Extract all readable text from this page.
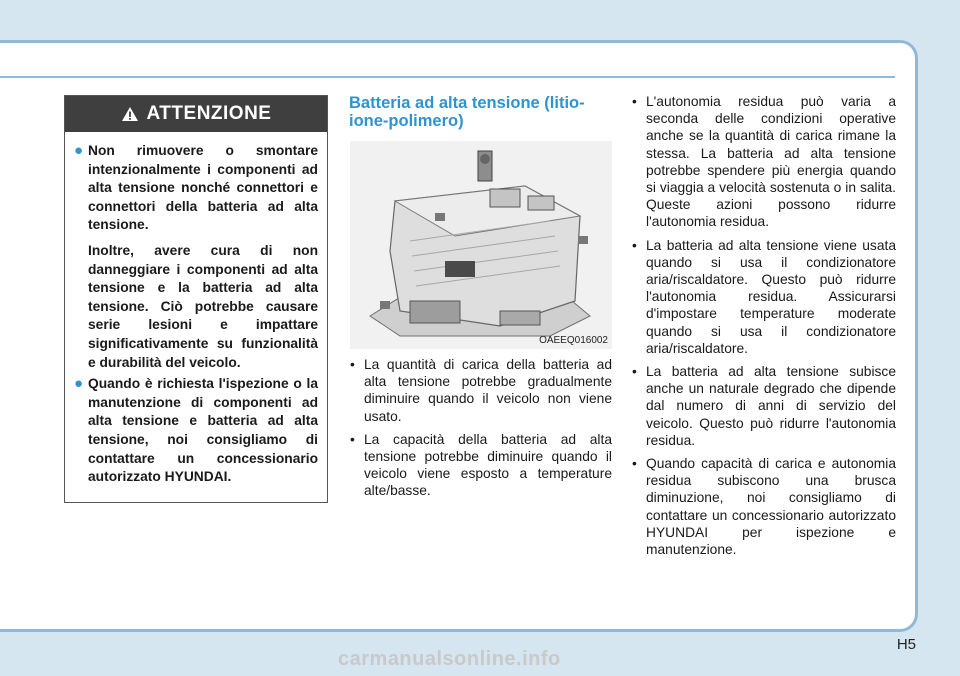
ATTENZIONE

● Non rimuovere o smontare intenzionalmente i componenti ad alta tensione nonché connettori e connettori della batteria ad alta tensione.

Inoltre, avere cura di non danneggiare i componenti ad alta tensione e la batteria ad alta tensione. Ciò potrebbe causare serie lesioni e impattare significativamente su funzionalità e durabilità del veicolo.

● Quando è richiesta l'ispezione o la manutenzione di componenti ad alta tensione e batteria ad alta tensione, noi consigliamo di contattare un concessionario autorizzato HYUNDAI.

Batteria ad alta tensione (litio-ione-polimero)
OAEEQ016002
• La quantità di carica della batteria ad alta tensione potrebbe gradualmente diminuire quando il veicolo non viene usato.
• La capacità della batteria ad alta tensione potrebbe diminuire quando il veicolo viene esposto a temperature alte/basse.
• L'autonomia residua può varia a seconda delle condizioni operative anche se la quantità di carica rimane la stessa. La batteria ad alta tensione potrebbe spendere più energia quando si viaggia a velocità sostenuta o in salita. Queste azioni possono ridurre l'autonomia residua.
• La batteria ad alta tensione viene usata quando si usa il condizionatore aria/riscaldatore. Questo può ridurre l'autonomia residua. Assicurarsi d'impostare temperature moderate quando si usa il condizionatore aria/riscaldatore.
• La batteria ad alta tensione subisce anche un naturale degrado che dipende dal numero di anni di servizio del veicolo. Questo può ridurre l'autonomia residua.
• Quando capacità di carica e autonomia residua subiscono una brusca diminuzione, noi consigliamo di contattare un concessionario autorizzato HYUNDAI per ispezione e manutenzione.
H5
carmanualsonline.info
